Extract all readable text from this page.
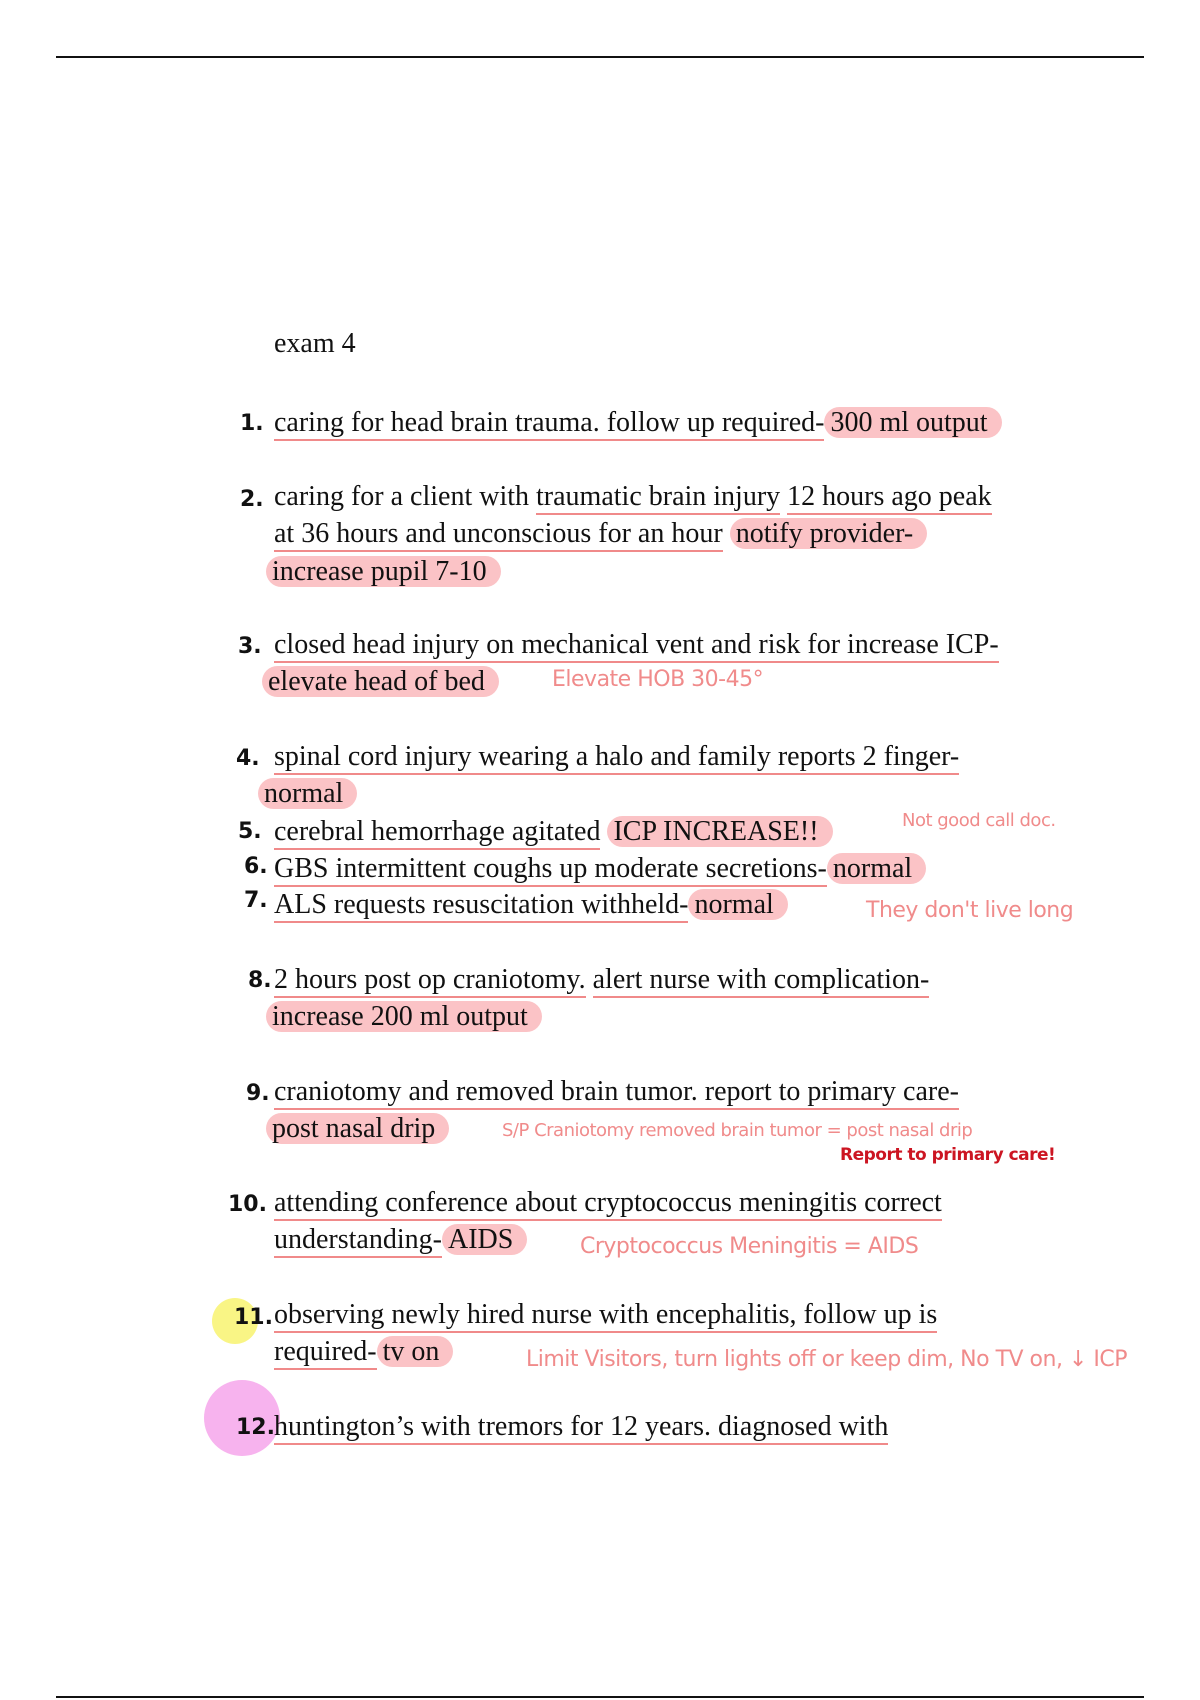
exam 4
1. caring for head brain trauma. follow up required- 300 ml output
2. caring for a client with traumatic brain injury 12 hours ago peak
at 36 hours and unconscious for an hour notify provider-
increase pupil 7-10
3. closed head injury on mechanical vent and risk for increase ICP-
elevate head of bed	Elevate HOB 30-45°
4. spinal cord injury wearing a halo and family reports 2 finger-
normal
5. cerebral hemorrhage agitated ICP INCREASE!!	Not good call doc.
6. GBS intermittent coughs up moderate secretions- normal
7. ALS requests resuscitation withheld- normal	They don't live long
8. 2 hours post op craniotomy. alert nurse with complication-
increase 200 ml output
9. craniotomy and removed brain tumor. report to primary care-
post nasal drip	S/P Craniotomy removed brain tumor = post nasal drip
Report to primary care!
10. attending conference about cryptococcus meningitis correct
understanding- AIDS	Cryptococcus Meningitis = AIDS
11. observing newly hired nurse with encephalitis, follow up is
required- tv on	Limit Visitors, turn lights off or keep dim, No TV on, ↓ ICP
12. huntington’s with tremors for 12 years. diagnosed with
